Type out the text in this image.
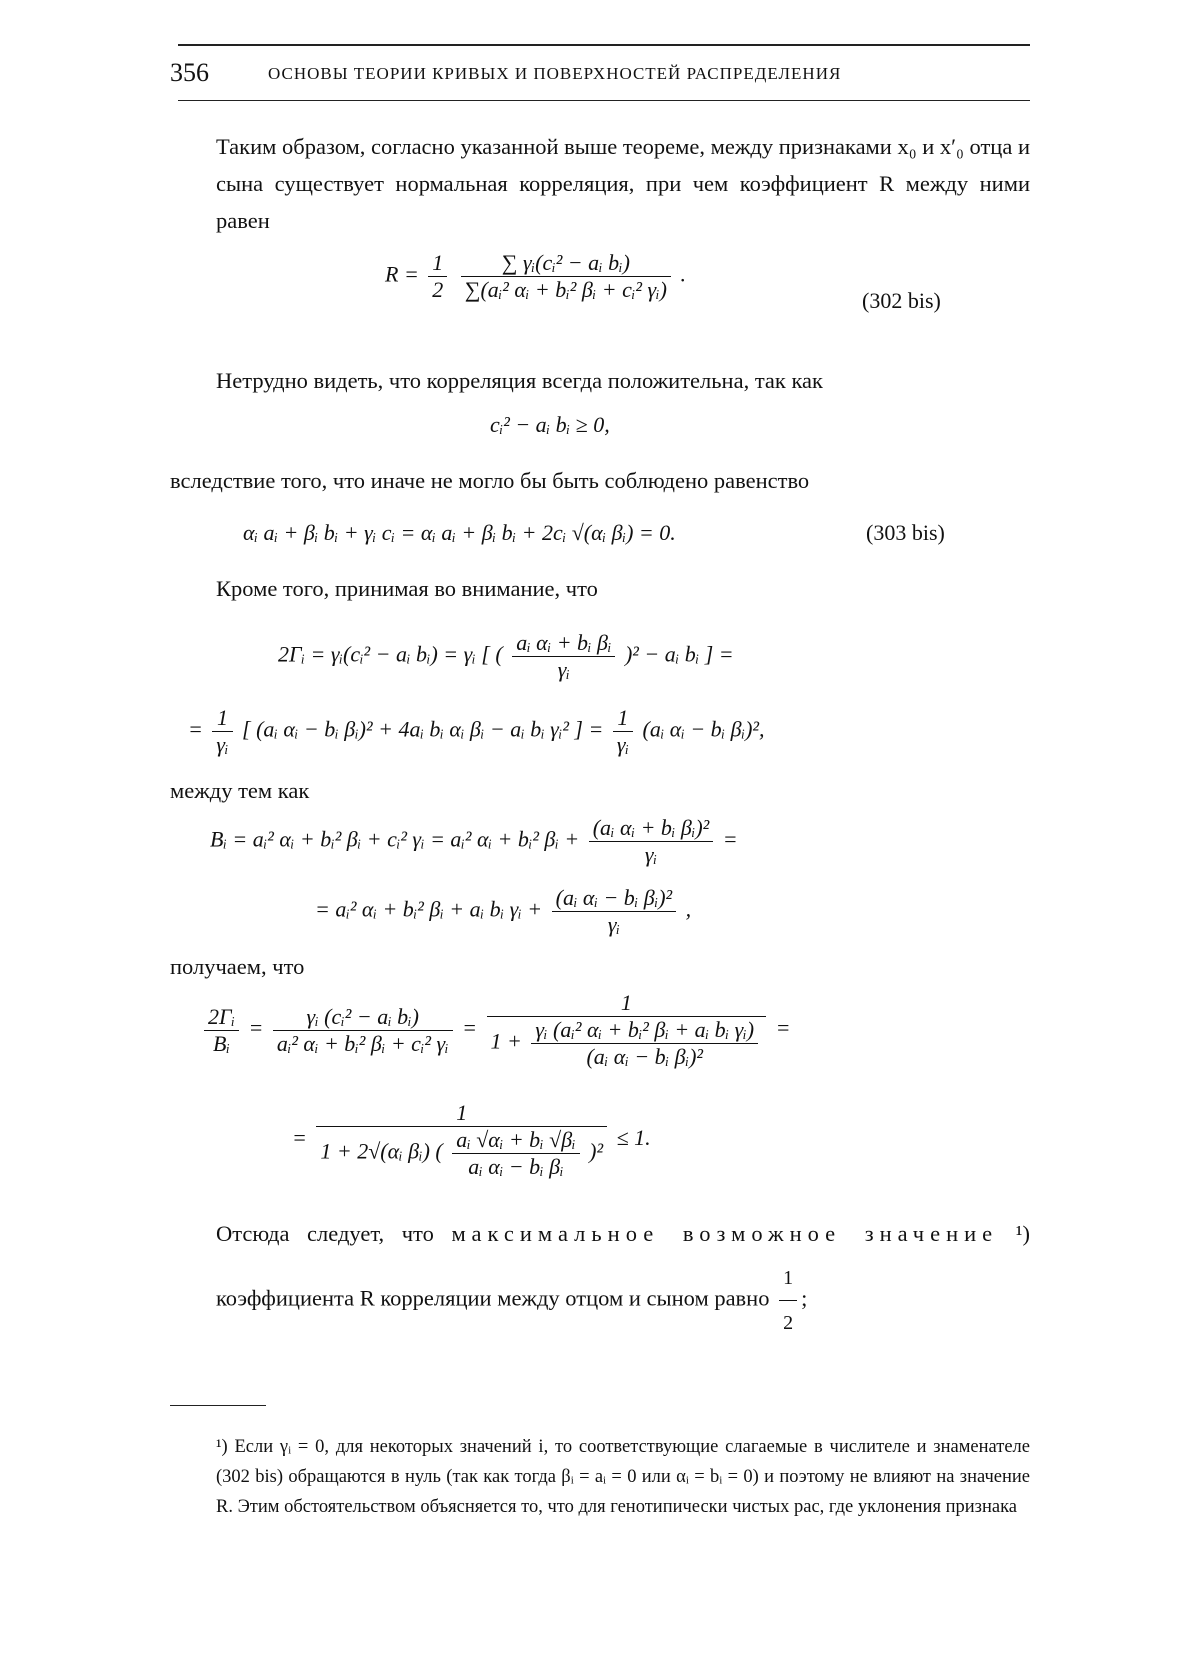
356	ОСНОВЫ ТЕОРИИ КРИВЫХ И ПОВЕРХНОСТЕЙ РАСПРЕДЕЛЕНИЯ
Таким образом, согласно указанной выше теореме, между признаками x₀ и x′₀ отца и сына существует нормальная корреляция, при чем коэффициент R между ними равен
$R = \frac{1}{2}$
$\frac{\text{∑ γᵢ(cᵢ² − aᵢ bᵢ)}}{\text{∑(aᵢ² αᵢ + bᵢ² βᵢ + cᵢ² γᵢ)}}$ .
(302 bis)
Нетрудно видеть, что корреляция всегда положительна, так как
cᵢ² − aᵢ bᵢ ≥ 0,
вследствие того, что иначе не могло бы быть соблюдено равенство
αᵢ aᵢ + βᵢ bᵢ + γᵢ cᵢ = αᵢ aᵢ + βᵢ bᵢ + 2cᵢ √(αᵢ βᵢ) = 0.	(303 bis)
Кроме того, принимая во внимание, что
2Γᵢ = γᵢ(cᵢ² − aᵢ bᵢ) = γᵢ [ ( $\frac{\text{aᵢ αᵢ + bᵢ βᵢ}}{\text{γᵢ}} )^2$ − aᵢ bᵢ ] =
= $\frac{1}{\text{γᵢ}}$ [ (aᵢ αᵢ − bᵢ βᵢ)² + 4aᵢ bᵢ αᵢ βᵢ − aᵢ bᵢ γᵢ² ] = $\frac{1}{\text{γᵢ}}$ (aᵢ αᵢ − bᵢ βᵢ)²,
между тем как
Bᵢ = aᵢ² αᵢ + bᵢ² βᵢ + cᵢ² γᵢ = aᵢ² αᵢ + bᵢ² βᵢ + $\frac{\text{(aᵢ αᵢ + bᵢ βᵢ)²}}{\text{γᵢ}}$ =
= aᵢ² αᵢ + bᵢ² βᵢ + aᵢ bᵢ γᵢ + $\frac{\text{(aᵢ αᵢ − bᵢ βᵢ)²}}{\text{γᵢ}}$ ,
получаем, что
$\frac{\text{2Γᵢ}}{\text{Bᵢ}} = \frac{\text{γᵢ (cᵢ² − aᵢ bᵢ)}}{\text{aᵢ² αᵢ + bᵢ² βᵢ + cᵢ² γᵢ}} = \frac{1}{1 + \frac{\text{γᵢ (aᵢ² αᵢ + bᵢ² βᵢ + aᵢ bᵢ γᵢ)}}{\text{(aᵢ αᵢ − bᵢ βᵢ)²}}}$ =
= $\frac{1}{1 + 2√(\alpha ᵢ \beta ᵢ) ( \frac{\text{aᵢ √αᵢ + bᵢ √βᵢ}}{\text{aᵢ αᵢ − bᵢ βᵢ}} )^2} \le 1$.
Отсюда следует, что максимальное возможное значение ¹) коэффициента R корреляции между отцом и сыном равно $\frac{1}{2}$ ;
¹) Если γᵢ = 0, для некоторых значений i, то соответствующие слагаемые в числителе и знаменателе (302 bis) обращаются в нуль (так как тогда βᵢ = aᵢ = 0 или αᵢ = bᵢ = 0) и поэтому не влияют на значение R. Этим обстоятельством объясняется то, что для генотипически чистых рас, где уклонения признака
